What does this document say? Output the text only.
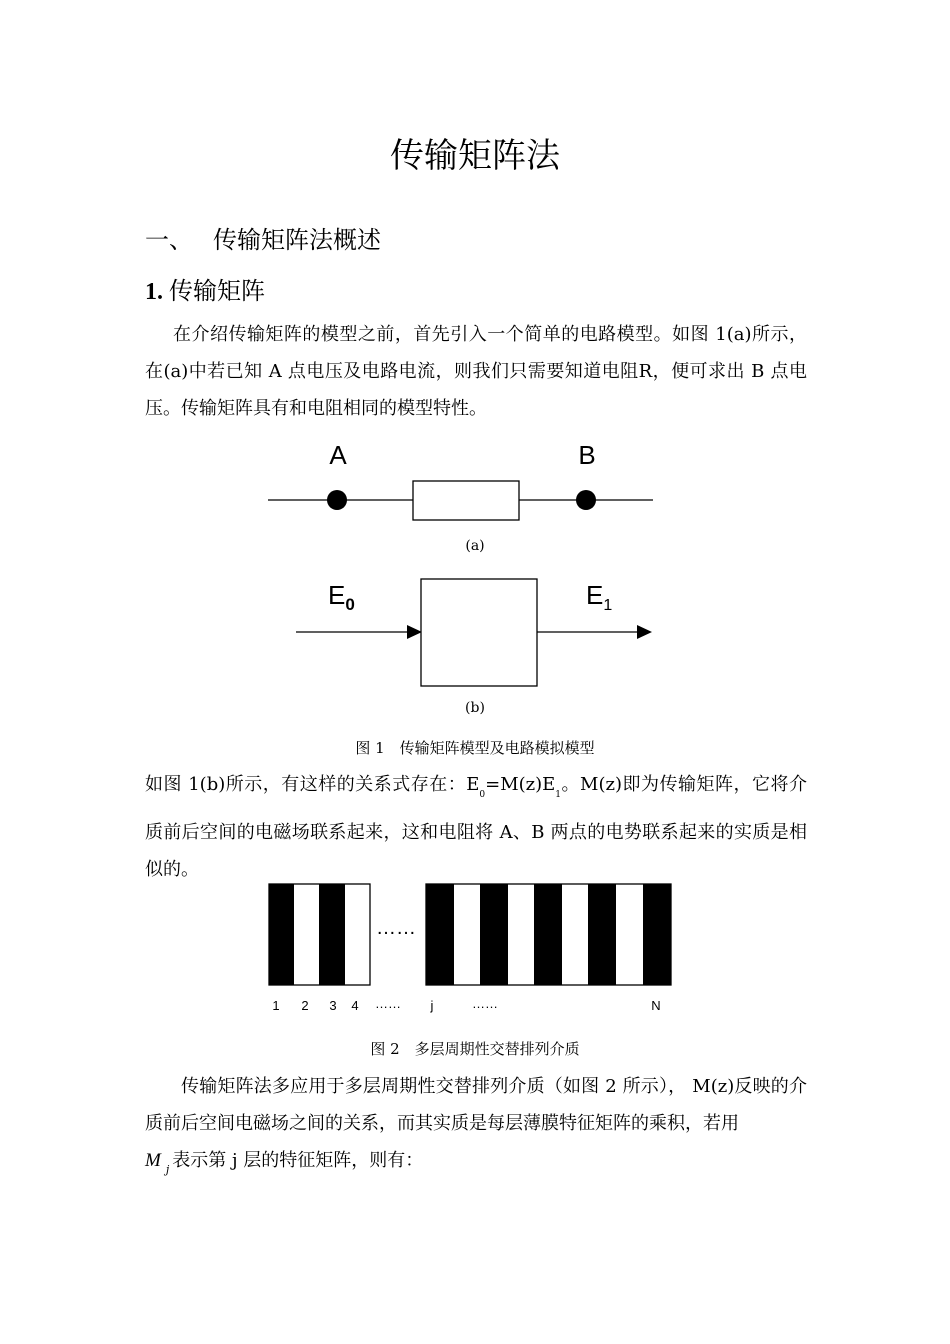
传输矩阵法
一、 传输矩阵法概述
1. 传输矩阵
在介绍传输矩阵的模型之前，首先引入一个简单的电路模型。如图 1(a)所示，在(a)中若已知 A 点电压及电路电流，则我们只需要知道电阻R，便可求出 B 点电压。传输矩阵具有和电阻相同的模型特性。
A	B
(a)
$E_0$	$E_1$
(b)
图 1　传输矩阵模型及电路模拟模型
如图 1(b)所示，有这样的关系式存在：$E_0=M(z)E_1$。M(z)即为传输矩阵，它将介质前后空间的电磁场联系起来，这和电阻将 A、B 两点的电势联系起来的实质是相似的。
……
1 2 3 4 …… j	……	N
图 2　多层周期性交替排列介质
传输矩阵法多应用于多层周期性交替排列介质（如图 2 所示）， M(z)反映的介质前后空间电磁场之间的关系，而其实质是每层薄膜特征矩阵的乘积，若用
M $_j$ 表示第 j 层的特征矩阵，则有：
